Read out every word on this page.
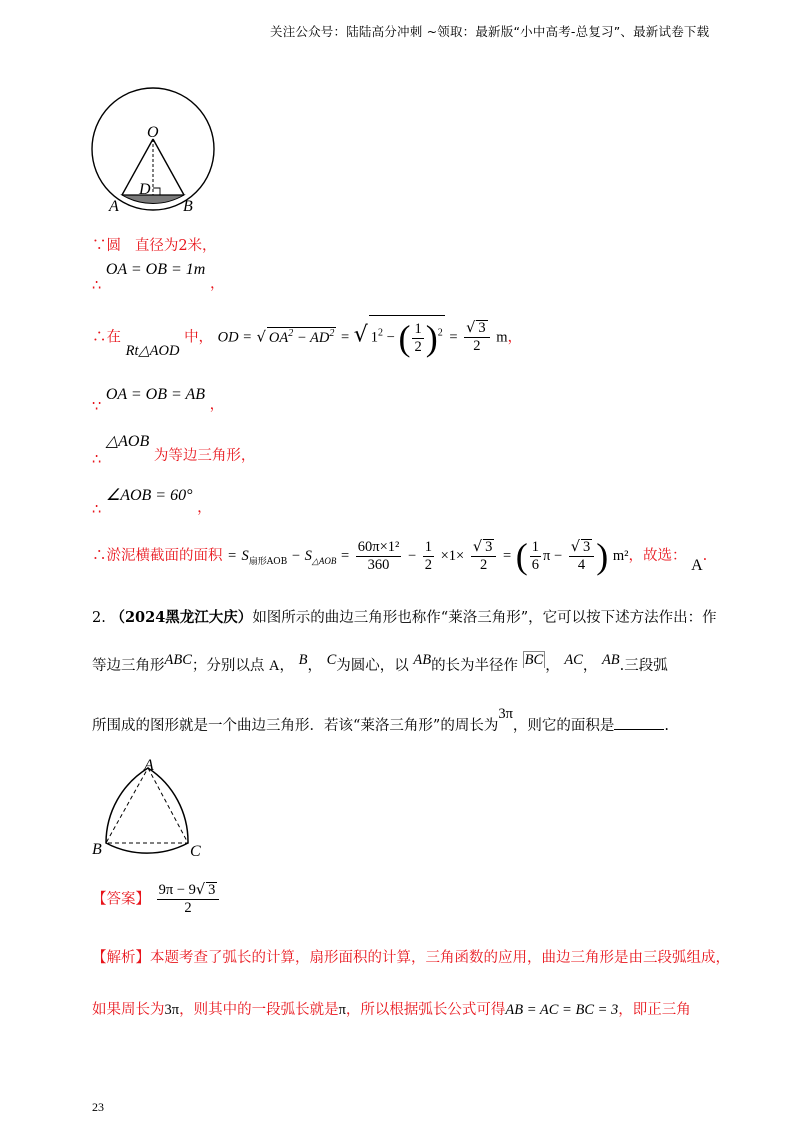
关注公众号：陆陆高分冲刺 ~领取：最新版“小中高考-总复习”、最新试卷下载
O
D
A	B
∵圆 直径为2米，
∴ OA = OB = 1m ，
∴在 Rt△AOD 中， OD = √ $OA^2 - AD^2$ = √ $1^2$ − ( $\frac{1}{2} )^2 = \frac{√ 3}{2}$ m，
∵ OA = OB = AB ，
∴ △AOB 为等边三角形，
∴ ∠AOB = 60° ，
∴淤泥横截面的面积 = $S_{扇形AOB} - S_{\triangle AOB} = \frac{\text{60π×1²}}{360} - \frac{1}{2} \times 1\times \frac{√ 3}{2}$ = ( $\frac{1}{6}$ $\pi - \frac{√ 3}{4}$ ) m²，故选： A.
2. （2024黑龙江大庆）如图所示的曲边三角形也称作“莱洛三角形”，它可以按下述方法作出：作
等边三角形ABC；分别以点 A， B， C为圆心，以 AB的长为半径作 BC ， AC， AB.三段弧
所围成的图形就是一个曲边三角形．若该“莱洛三角形”的周长为3π，则它的面积是	.
A
B	C
【答案】 $\frac{9\pi - 9√ 3}{2}$
【解析】本题考查了弧长的计算，扇形面积的计算，三角函数的应用，曲边三角形是由三段弧组成，
如果周长为3π，则其中的一段弧长就是π，所以根据弧长公式可得AB = AC = BC = 3，即正三角
23
